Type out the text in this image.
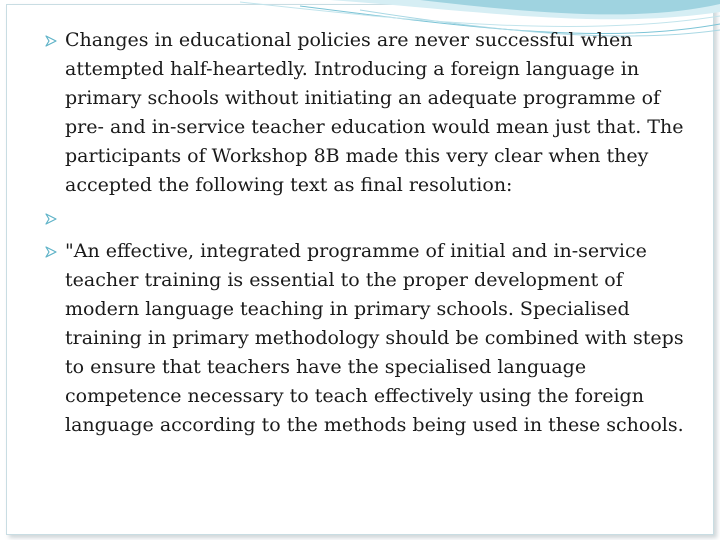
Changes in educational policies are never successful when attempted half-heartedly. Introducing a foreign language in primary schools without initiating an adequate programme of pre- and in-service teacher education would mean just that. The participants of Workshop 8B made this very clear when they accepted the following text as final resolution:
"An effective, integrated programme of initial and in-service teacher training is essential to the proper development of modern language teaching in primary schools. Specialised training in primary methodology should be combined with steps to ensure that teachers have the specialised language competence necessary to teach effectively using the foreign language according to the methods being used in these schools.
